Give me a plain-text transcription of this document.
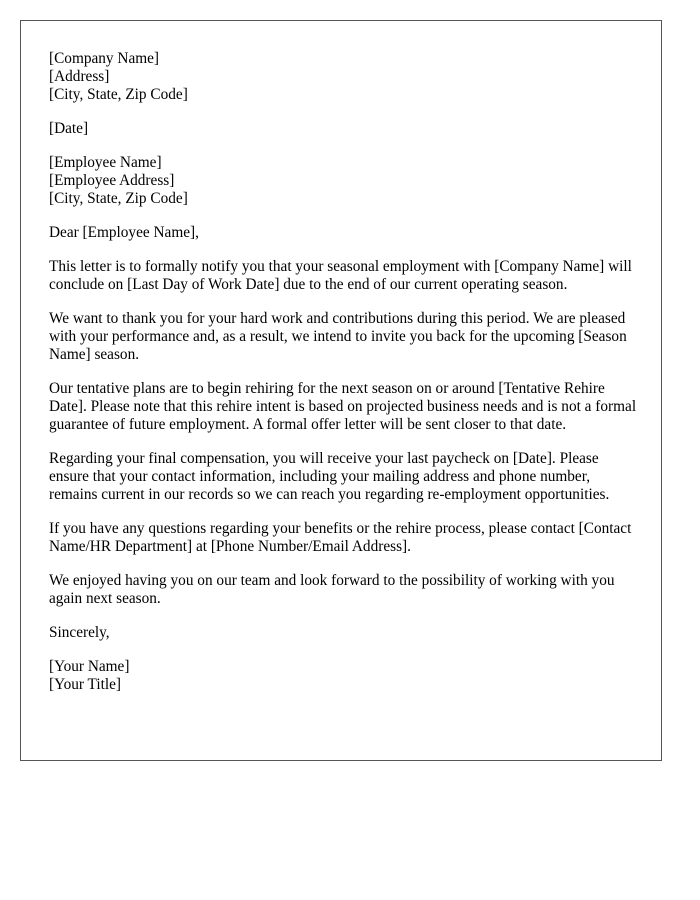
[Company Name]

[Address]

[City, State, Zip Code]

[Date]

[Employee Name]

[Employee Address]

[City, State, Zip Code]

Dear [Employee Name],

This letter is to formally notify you that your seasonal employment with [Company Name] will conclude on [Last Day of Work Date] due to the end of our current operating season.

We want to thank you for your hard work and contributions during this period. We are pleased with your performance and, as a result, we intend to invite you back for the upcoming [Season Name] season.

Our tentative plans are to begin rehiring for the next season on or around [Tentative Rehire Date]. Please note that this rehire intent is based on projected business needs and is not a formal guarantee of future employment. A formal offer letter will be sent closer to that date.

Regarding your final compensation, you will receive your last paycheck on [Date]. Please ensure that your contact information, including your mailing address and phone number, remains current in our records so we can reach you regarding re-employment opportunities.

If you have any questions regarding your benefits or the rehire process, please contact [Contact Name/HR Department] at [Phone Number/Email Address].

We enjoyed having you on our team and look forward to the possibility of working with you again next season.

Sincerely,

[Your Name]

[Your Title]
